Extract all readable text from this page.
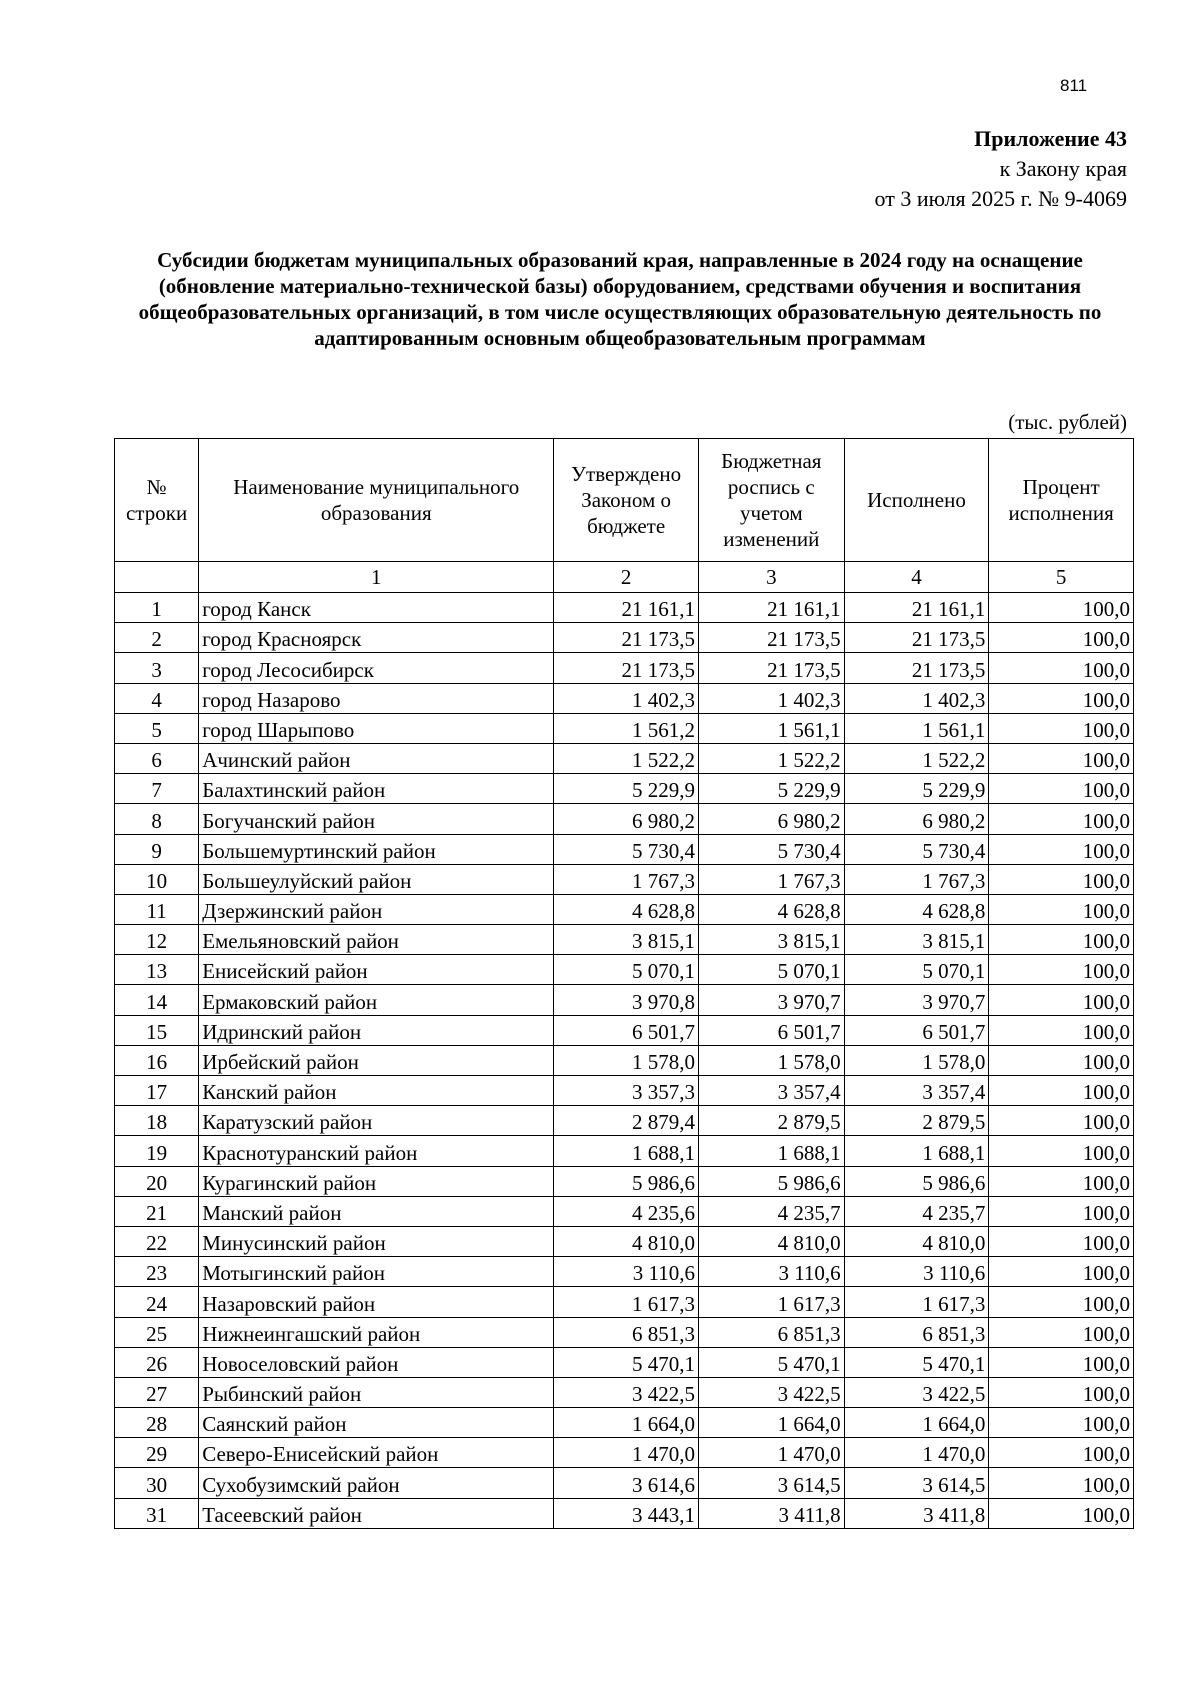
811
Приложение 43
к Закону края
от 3 июля 2025 г. № 9-4069
Субсидии бюджетам муниципальных образований края, направленные в 2024 году на оснащение (обновление материально-технической базы) оборудованием, средствами обучения и воспитания общеобразовательных организаций, в том числе осуществляющих образовательную деятельность по адаптированным основным общеобразовательным программам
(тыс. рублей)
№ строки	Наименование муниципального образования	Утверждено Законом о бюджете	Бюджетная роспись с учетом изменений	Исполнено	Процент исполнения
	1	2	3	4	5
1	город Канск	21 161,1	21 161,1	21 161,1	100,0
2	город Красноярск	21 173,5	21 173,5	21 173,5	100,0
3	город Лесосибирск	21 173,5	21 173,5	21 173,5	100,0
4	город Назарово	1 402,3	1 402,3	1 402,3	100,0
5	город Шарыпово	1 561,2	1 561,1	1 561,1	100,0
6	Ачинский район	1 522,2	1 522,2	1 522,2	100,0
7	Балахтинский район	5 229,9	5 229,9	5 229,9	100,0
8	Богучанский район	6 980,2	6 980,2	6 980,2	100,0
9	Большемуртинский район	5 730,4	5 730,4	5 730,4	100,0
10	Большеулуйский район	1 767,3	1 767,3	1 767,3	100,0
11	Дзержинский район	4 628,8	4 628,8	4 628,8	100,0
12	Емельяновский район	3 815,1	3 815,1	3 815,1	100,0
13	Енисейский район	5 070,1	5 070,1	5 070,1	100,0
14	Ермаковский район	3 970,8	3 970,7	3 970,7	100,0
15	Идринский район	6 501,7	6 501,7	6 501,7	100,0
16	Ирбейский район	1 578,0	1 578,0	1 578,0	100,0
17	Канский район	3 357,3	3 357,4	3 357,4	100,0
18	Каратузский район	2 879,4	2 879,5	2 879,5	100,0
19	Краснотуранский район	1 688,1	1 688,1	1 688,1	100,0
20	Курагинский район	5 986,6	5 986,6	5 986,6	100,0
21	Манский район	4 235,6	4 235,7	4 235,7	100,0
22	Минусинский район	4 810,0	4 810,0	4 810,0	100,0
23	Мотыгинский район	3 110,6	3 110,6	3 110,6	100,0
24	Назаровский район	1 617,3	1 617,3	1 617,3	100,0
25	Нижнеингашский район	6 851,3	6 851,3	6 851,3	100,0
26	Новоселовский район	5 470,1	5 470,1	5 470,1	100,0
27	Рыбинский район	3 422,5	3 422,5	3 422,5	100,0
28	Саянский район	1 664,0	1 664,0	1 664,0	100,0
29	Северо-Енисейский район	1 470,0	1 470,0	1 470,0	100,0
30	Сухобузимский район	3 614,6	3 614,5	3 614,5	100,0
31	Тасеевский район	3 443,1	3 411,8	3 411,8	100,0
